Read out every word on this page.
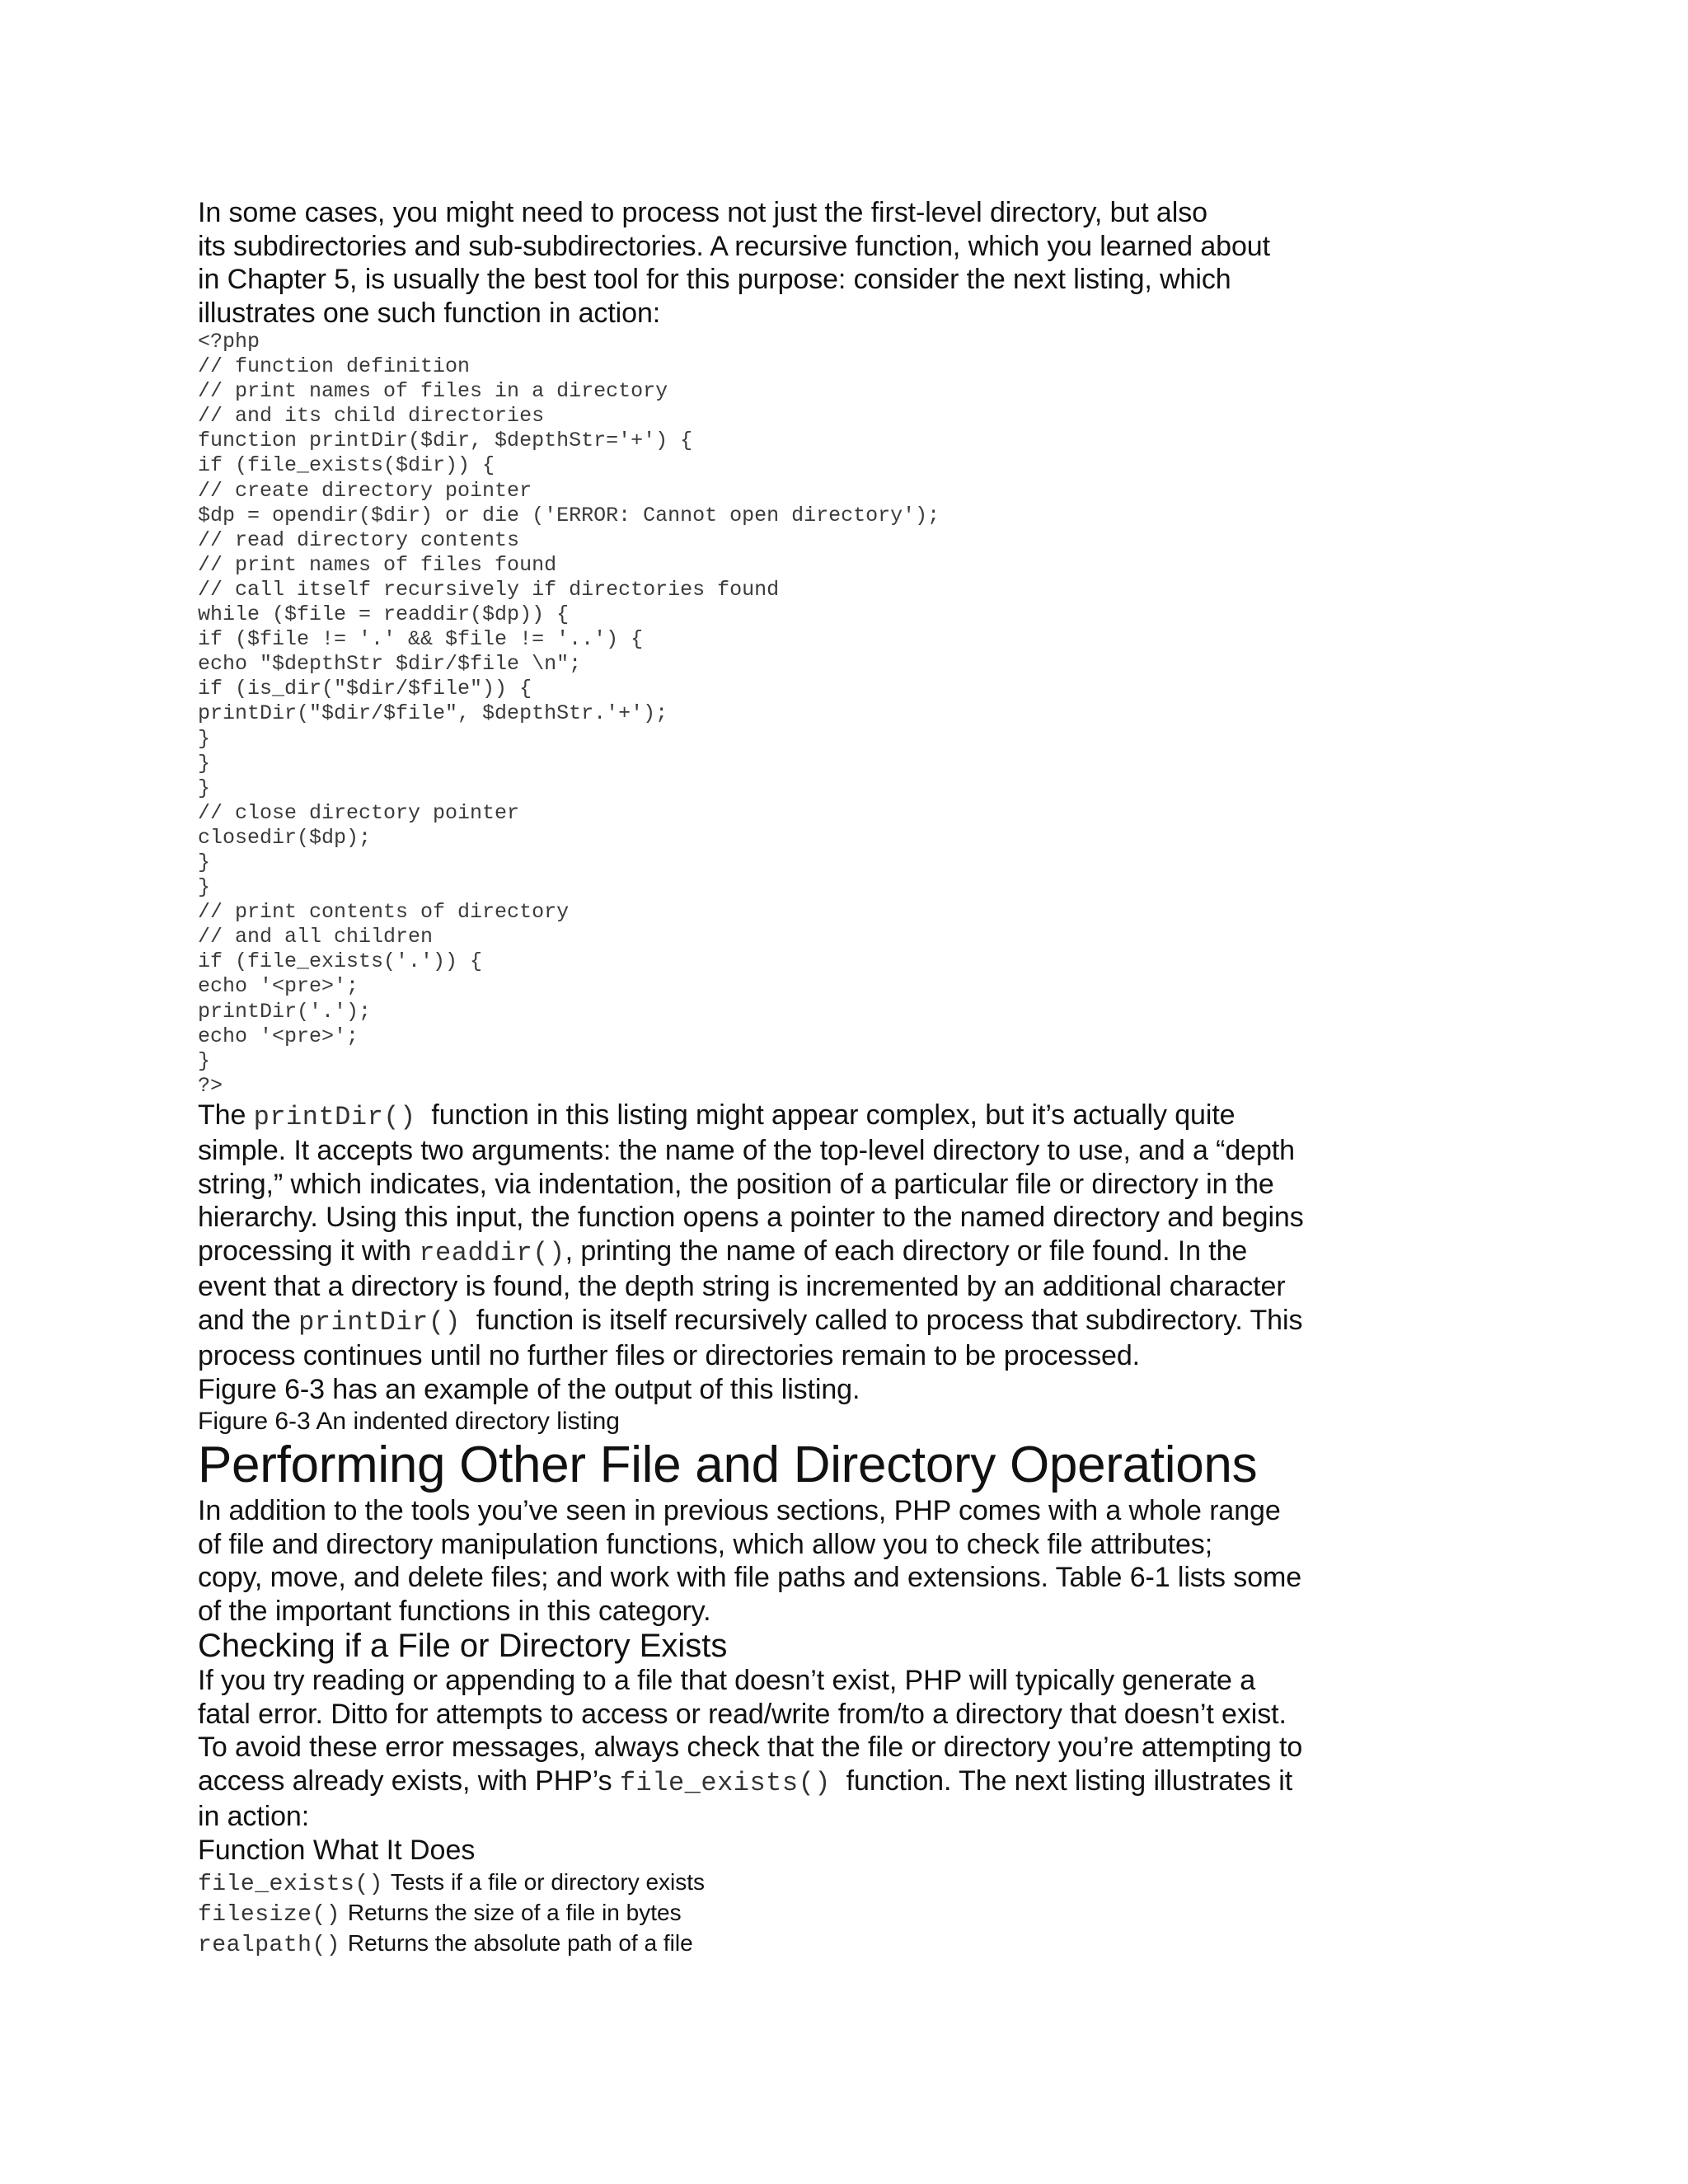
In some cases, you might need to process not just the first-level directory, but also
its subdirectories and sub-subdirectories. A recursive function, which you learned about
in Chapter 5, is usually the best tool for this purpose: consider the next listing, which
illustrates one such function in action:

<?php
// function definition
// print names of files in a directory
// and its child directories
function printDir($dir, $depthStr='+') {
if (file_exists($dir)) {
// create directory pointer
$dp = opendir($dir) or die ('ERROR: Cannot open directory');
// read directory contents
// print names of files found
// call itself recursively if directories found
while ($file = readdir($dp)) {
if ($file != '.' && $file != '..') {
echo "$depthStr $dir/$file \n";
if (is_dir("$dir/$file")) {
printDir("$dir/$file", $depthStr.'+');
}
}
}
// close directory pointer
closedir($dp);
}
}
// print contents of directory
// and all children
if (file_exists('.')) {
echo '<pre>';
printDir('.');
echo '<pre>';
}
?>

The printDir()  function in this listing might appear complex, but it’s actually quite
simple. It accepts two arguments: the name of the top-level directory to use, and a “depth
string,” which indicates, via indentation, the position of a particular file or directory in the
hierarchy. Using this input, the function opens a pointer to the named directory and begins
processing it with readdir(), printing the name of each directory or file found. In the
event that a directory is found, the depth string is incremented by an additional character
and the printDir()  function is itself recursively called to process that subdirectory. This
process continues until no further files or directories remain to be processed.

Figure 6-3 has an example of the output of this listing.

Figure 6-3 An indented directory listing

Performing Other File and Directory Operations

In addition to the tools you’ve seen in previous sections, PHP comes with a whole range
of file and directory manipulation functions, which allow you to check file attributes;
copy, move, and delete files; and work with file paths and extensions. Table 6-1 lists some
of the important functions in this category.

Checking if a File or Directory Exists

If you try reading or appending to a file that doesn’t exist, PHP will typically generate a
fatal error. Ditto for attempts to access or read/write from/to a directory that doesn’t exist.
To avoid these error messages, always check that the file or directory you’re attempting to
access already exists, with PHP’s file_exists()  function. The next listing illustrates it
in action:

Function What It Does

file_exists() Tests if a file or directory exists
filesize() Returns the size of a file in bytes
realpath() Returns the absolute path of a file
